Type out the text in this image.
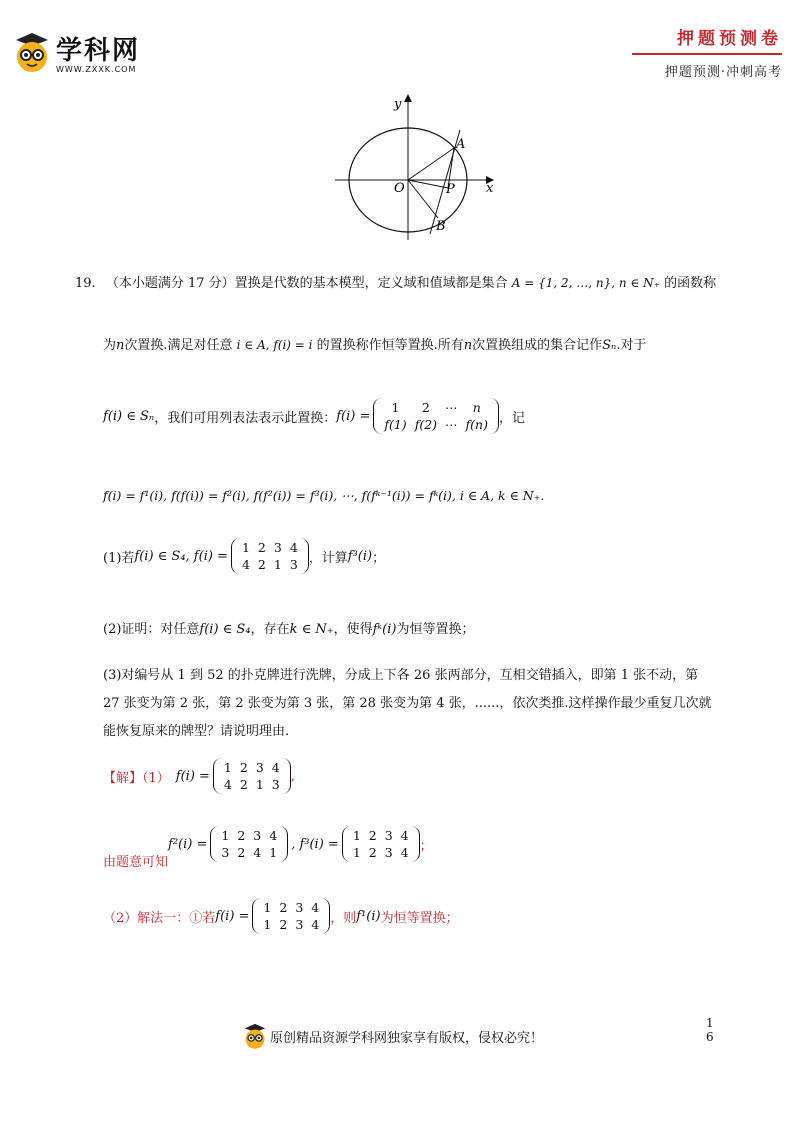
学科网
WWW.ZXXK.COM
押题预测卷
押题预测·冲刺高考
y
x
O
A
P
B
19. （本小题满分 17 分）置换是代数的基本模型，定义域和值域都是集合 A = {1, 2, …, n}, n ∈ N₊ 的函数称
为n次置换.满足对任意 i ∈ A, f(i) = i 的置换称作恒等置换.所有n次置换组成的集合记作Sₙ.对于
f(i) ∈ Sₙ ，我们可用列表法表示此置换： f(i) =
1	2	⋯	n
f(1)	f(2)	⋯	f(n) ，记
f(i) = f¹(i), f(f(i)) = f²(i), f(f²(i)) = f³(i), ⋯, f(fᵏ⁻¹(i)) = fᵏ(i), i ∈ A, k ∈ N₊.
(1)若 f(i) ∈ S₄, f(i) =
1	2	3	4
4	2	1	3 ，计算 f³(i) ；
(2)证明：对任意f(i) ∈ S₄，存在k ∈ N₊，使得fᵏ(i)为恒等置换；
(3)对编号从 1 到 52 的扑克牌进行洗牌，分成上下各 26 张两部分，互相交错插入，即第 1 张不动，第
27 张变为第 2 张，第 2 张变为第 3 张，第 28 张变为第 4 张，......，依次类推.这样操作最少重复几次就
能恢复原来的牌型？请说明理由.
【解】（1） f(i) =
1	2	3	4
4	2	1	3
,
由题意可知
f²(i) =
1	2	3	4
3	2	4	1
, f³(i) =
1	2	3	4
1	2	3	4 ；
（2）解法一：①若 f(i) =
1	2	3	4
1	2	3	4 ，则 f¹(i) 为恒等置换；
原创精品资源学科网独家享有版权，侵权必究！
1
6
